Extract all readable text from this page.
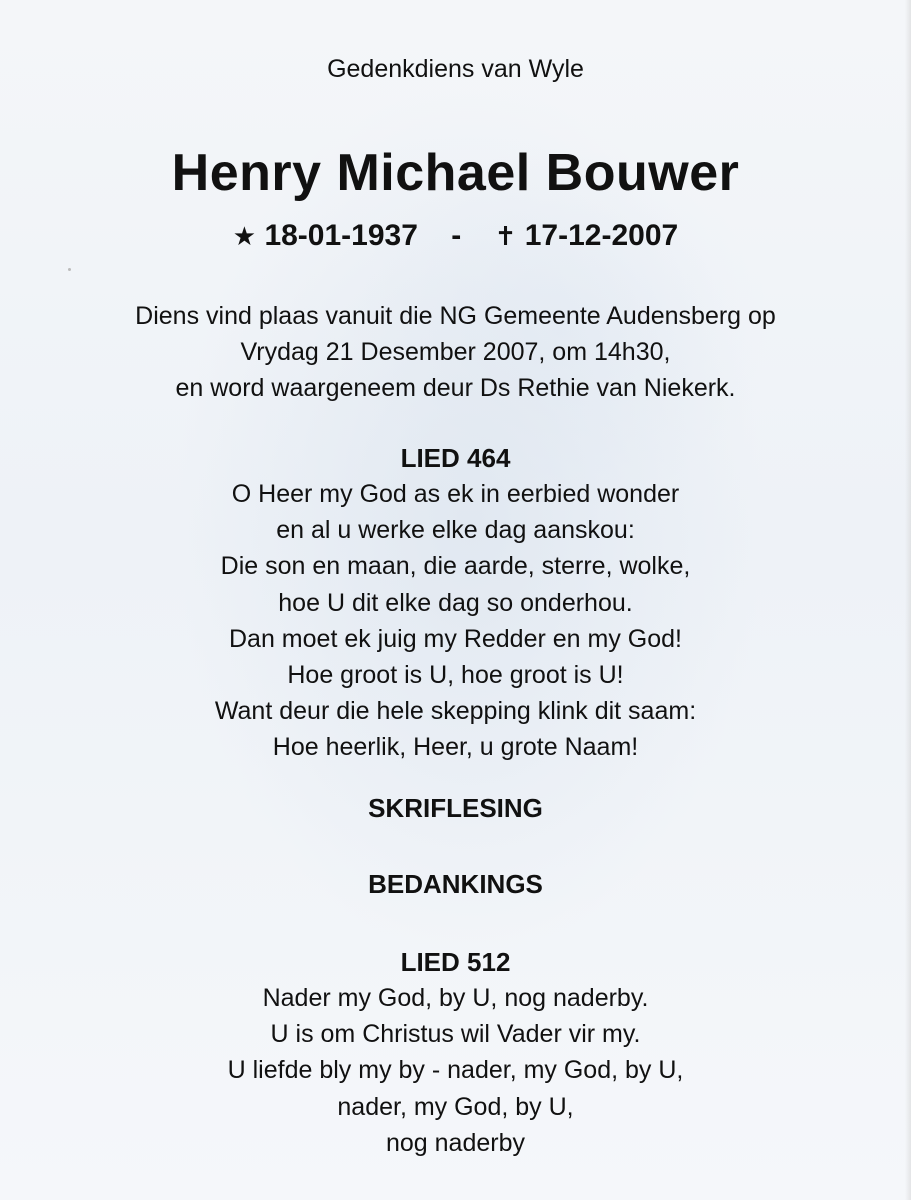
Gedenkdiens van Wyle
Henry Michael Bouwer
★ 18-01-1937 - ✝ 17-12-2007
Diens vind plaas vanuit die NG Gemeente Audensberg op
Vrydag 21 Desember 2007, om 14h30,
en word waargeneem deur Ds Rethie van Niekerk.
LIED 464
O Heer my God as ek in eerbied wonder
en al u werke elke dag aanskou:
Die son en maan, die aarde, sterre, wolke,
hoe U dit elke dag so onderhou.
Dan moet ek juig my Redder en my God!
Hoe groot is U, hoe groot is U!
Want deur die hele skepping klink dit saam:
Hoe heerlik, Heer, u grote Naam!
SKRIFLESING
BEDANKINGS
LIED 512
Nader my God, by U, nog naderby.
U is om Christus wil Vader vir my.
U liefde bly my by - nader, my God, by U,
nader, my God, by U,
nog naderby
